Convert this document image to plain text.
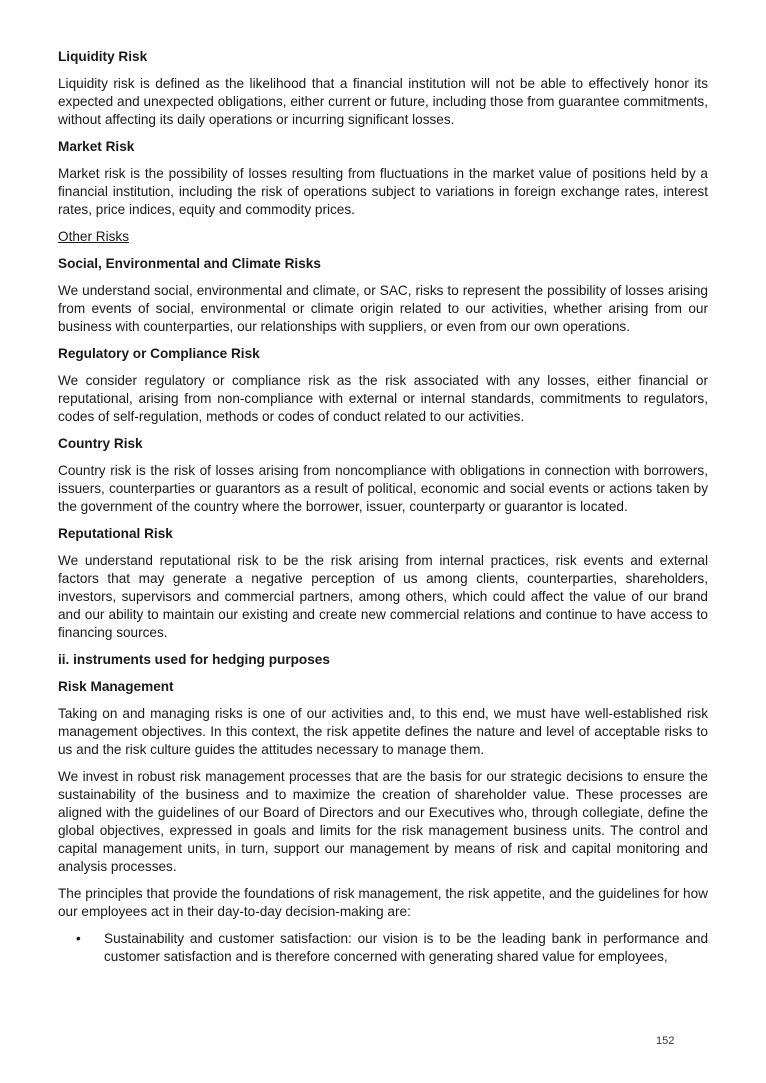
Liquidity Risk
Liquidity risk is defined as the likelihood that a financial institution will not be able to effectively honor its expected and unexpected obligations, either current or future, including those from guarantee commitments, without affecting its daily operations or incurring significant losses.
Market Risk
Market risk is the possibility of losses resulting from fluctuations in the market value of positions held by a financial institution, including the risk of operations subject to variations in foreign exchange rates, interest rates, price indices, equity and commodity prices.
Other Risks
Social, Environmental and Climate Risks
We understand social, environmental and climate, or SAC, risks to represent the possibility of losses arising from events of social, environmental or climate origin related to our activities, whether arising from our business with counterparties, our relationships with suppliers, or even from our own operations.
Regulatory or Compliance Risk
We consider regulatory or compliance risk as the risk associated with any losses, either financial or reputational, arising from non-compliance with external or internal standards, commitments to regulators, codes of self-regulation, methods or codes of conduct related to our activities.
Country Risk
Country risk is the risk of losses arising from noncompliance with obligations in connection with borrowers, issuers, counterparties or guarantors as a result of political, economic and social events or actions taken by the government of the country where the borrower, issuer, counterparty or guarantor is located.
Reputational Risk
We understand reputational risk to be the risk arising from internal practices, risk events and external factors that may generate a negative perception of us among clients, counterparties, shareholders, investors, supervisors and commercial partners, among others, which could affect the value of our brand and our ability to maintain our existing and create new commercial relations and continue to have access to financing sources.
ii. instruments used for hedging purposes
Risk Management
Taking on and managing risks is one of our activities and, to this end, we must have well-established risk management objectives. In this context, the risk appetite defines the nature and level of acceptable risks to us and the risk culture guides the attitudes necessary to manage them.
We invest in robust risk management processes that are the basis for our strategic decisions to ensure the sustainability of the business and to maximize the creation of shareholder value. These processes are aligned with the guidelines of our Board of Directors and our Executives who, through collegiate, define the global objectives, expressed in goals and limits for the risk management business units. The control and capital management units, in turn, support our management by means of risk and capital monitoring and analysis processes.
The principles that provide the foundations of risk management, the risk appetite, and the guidelines for how our employees act in their day-to-day decision-making are:
•	Sustainability and customer satisfaction: our vision is to be the leading bank in performance and customer satisfaction and is therefore concerned with generating shared value for employees,
152
